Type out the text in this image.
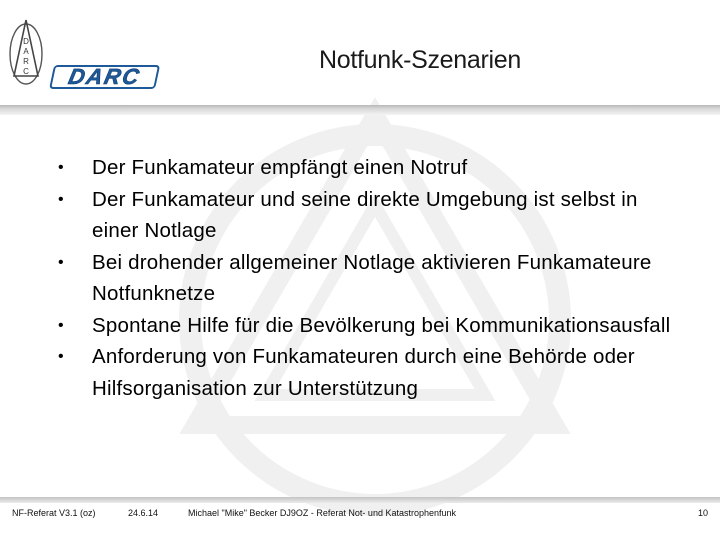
D
A
R
C DARC
Notfunk-Szenarien
• Der Funkamateur empfängt einen Notruf
• Der Funkamateur und seine direkte Umgebung ist selbst in einer Notlage
• Bei drohender allgemeiner Notlage aktivieren Funkamateure Notfunknetze
• Spontane Hilfe für die Bevölkerung bei Kommunikationsausfall
• Anforderung von Funkamateuren durch eine Behörde oder Hilfsorganisation zur Unterstützung
NF-Referat V3.1 (oz)	24.6.14	Michael "Mike" Becker DJ9OZ - Referat Not- und Katastrophenfunk	10
